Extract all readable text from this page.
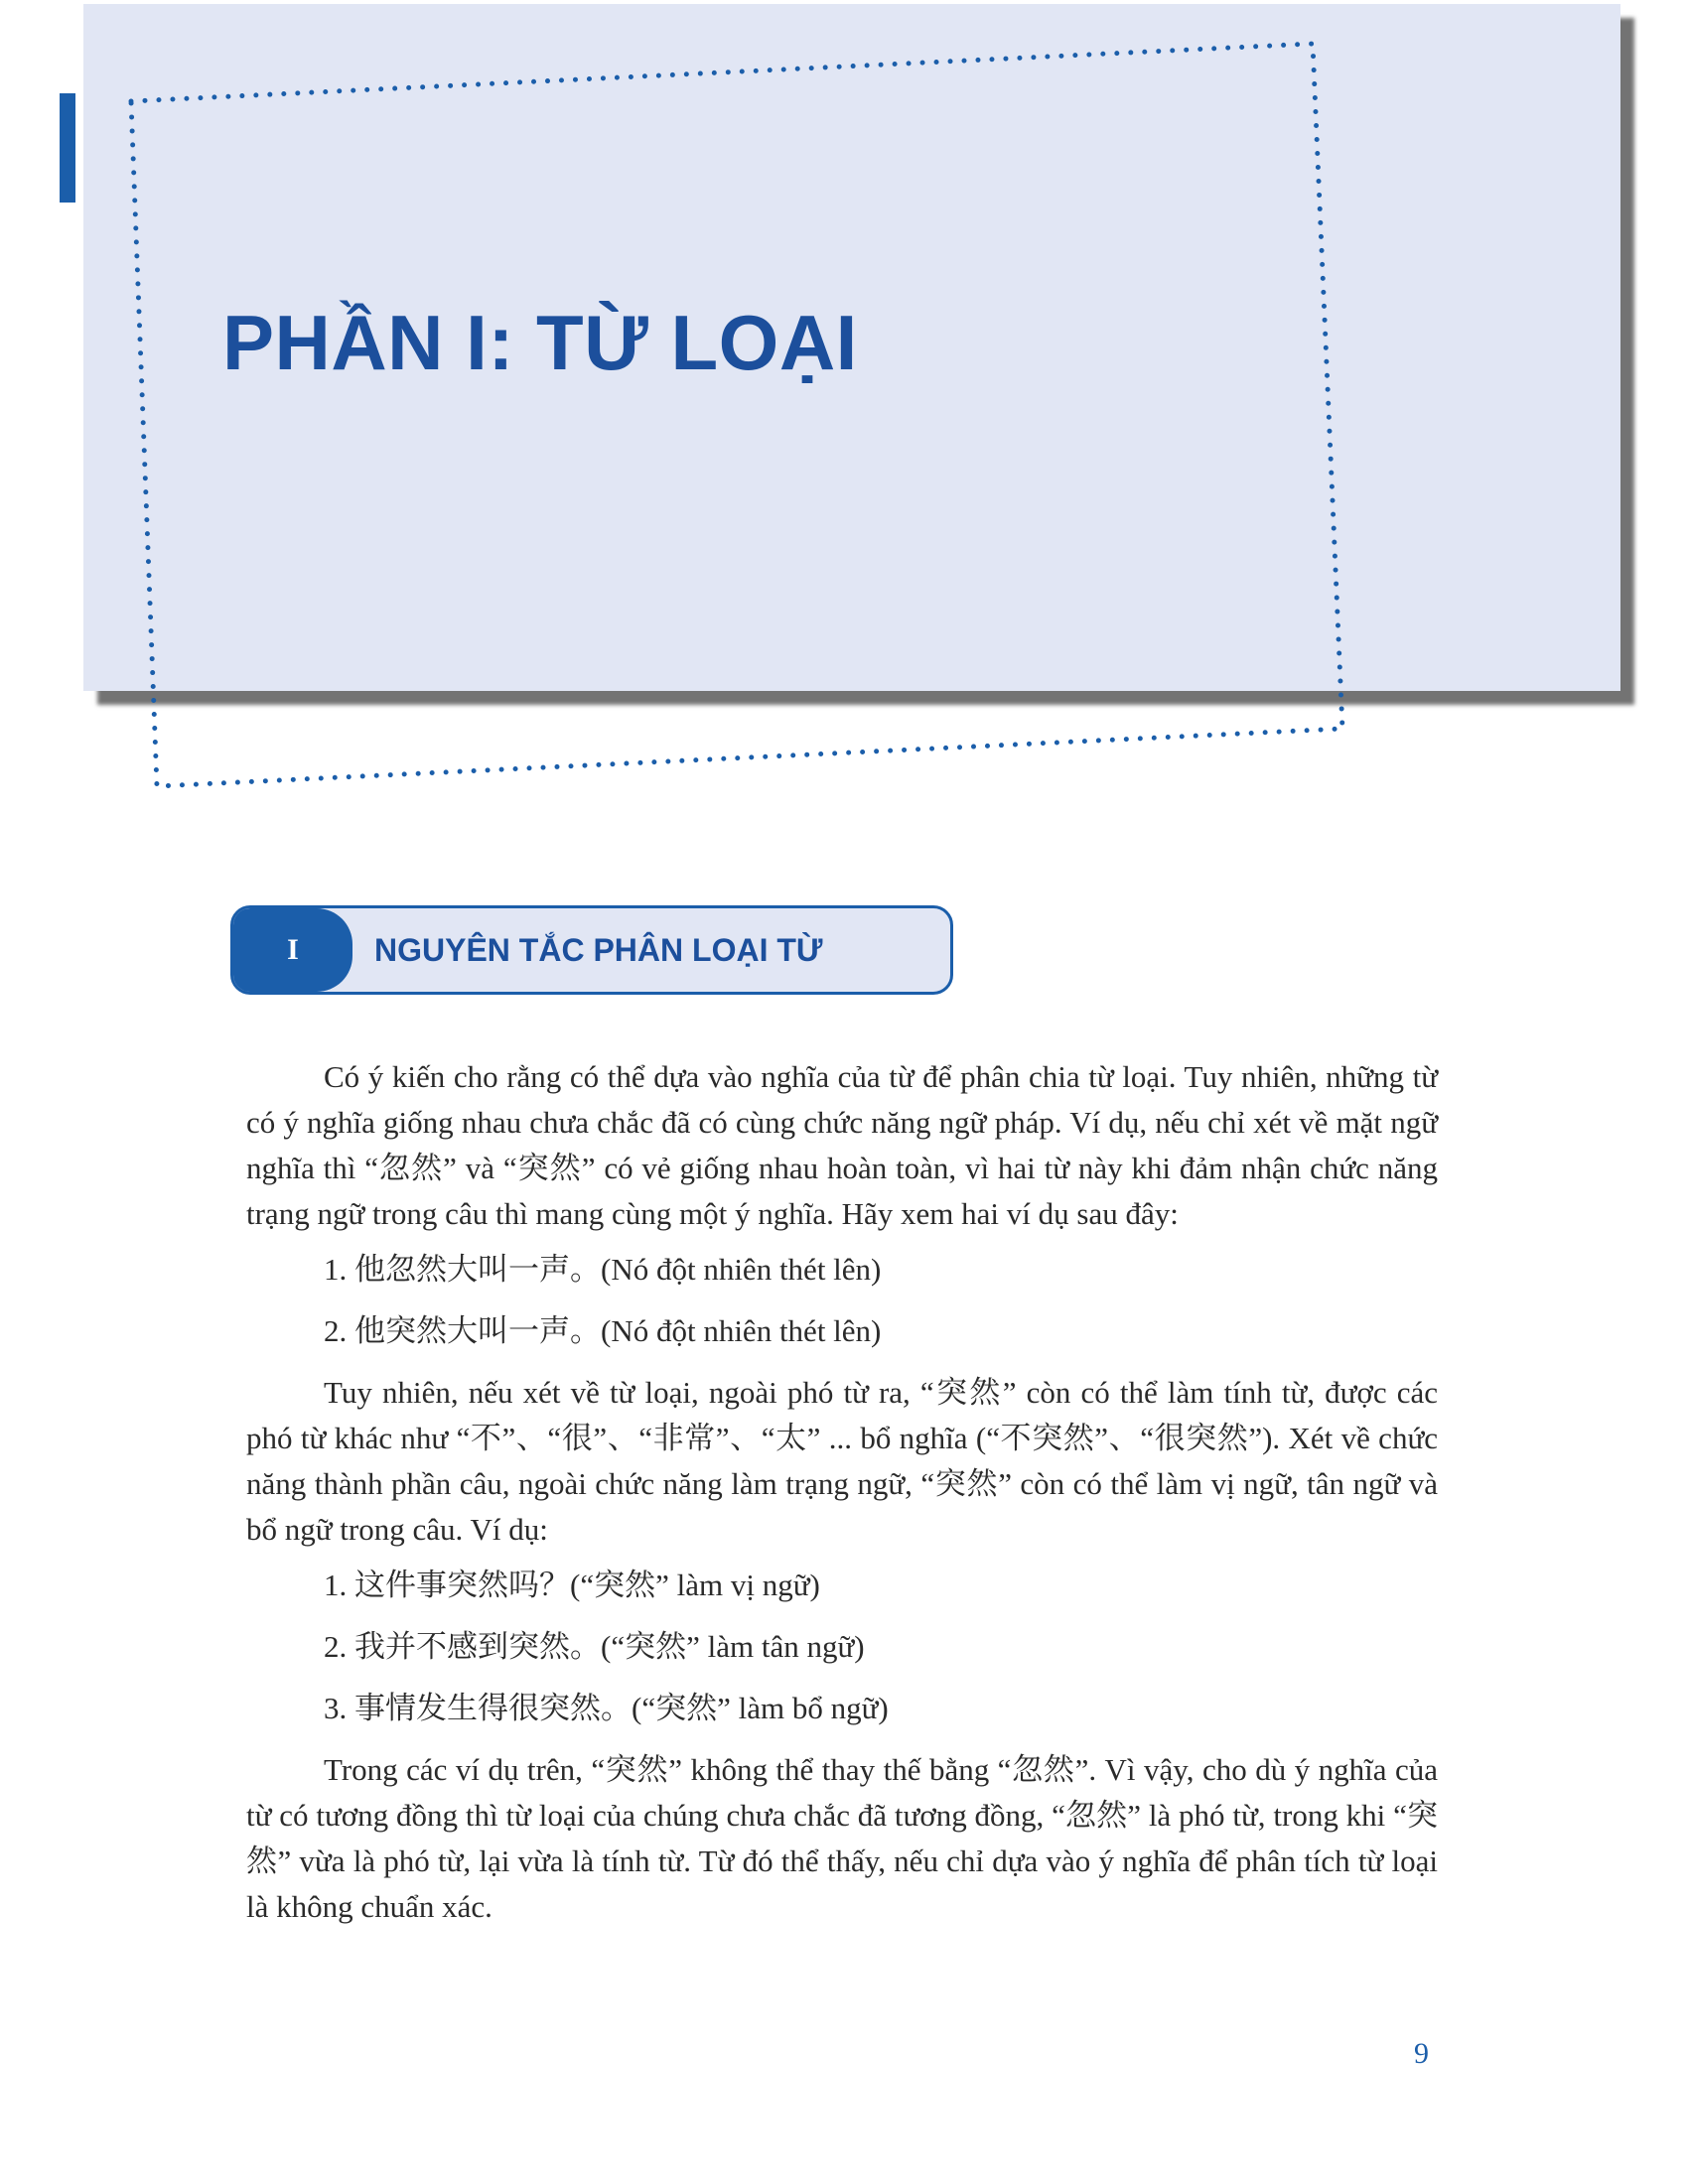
PHẦN I: TỪ LOẠI
I	NGUYÊN TẮC PHÂN LOẠI TỪ

Có ý kiến cho rằng có thể dựa vào nghĩa của từ để phân chia từ loại. Tuy nhiên, những từ có ý nghĩa giống nhau chưa chắc đã có cùng chức năng ngữ pháp. Ví dụ, nếu chỉ xét về mặt ngữ nghĩa thì “忽然” và “突然” có vẻ giống nhau hoàn toàn, vì hai từ này khi đảm nhận chức năng trạng ngữ trong câu thì mang cùng một ý nghĩa. Hãy xem hai ví dụ sau đây:

1. 他忽然大叫一声。(Nó đột nhiên thét lên)

2. 他突然大叫一声。(Nó đột nhiên thét lên)

Tuy nhiên, nếu xét về từ loại, ngoài phó từ ra, “突然” còn có thể làm tính từ, được các phó từ khác như “不”、“很”、“非常”、“太” ... bổ nghĩa (“不突然”、“很突然”). Xét về chức năng thành phần câu, ngoài chức năng làm trạng ngữ, “突然” còn có thể làm vị ngữ, tân ngữ và bổ ngữ trong câu. Ví dụ:

1. 这件事突然吗？(“突然” làm vị ngữ)

2. 我并不感到突然。(“突然” làm tân ngữ)

3. 事情发生得很突然。(“突然” làm bổ ngữ)

Trong các ví dụ trên, “突然” không thể thay thế bằng “忽然”. Vì vậy, cho dù ý nghĩa của từ có tương đồng thì từ loại của chúng chưa chắc đã tương đồng, “忽然” là phó từ, trong khi “突然” vừa là phó từ, lại vừa là tính từ. Từ đó thể thấy, nếu chỉ dựa vào ý nghĩa để phân tích từ loại là không chuẩn xác.

9
